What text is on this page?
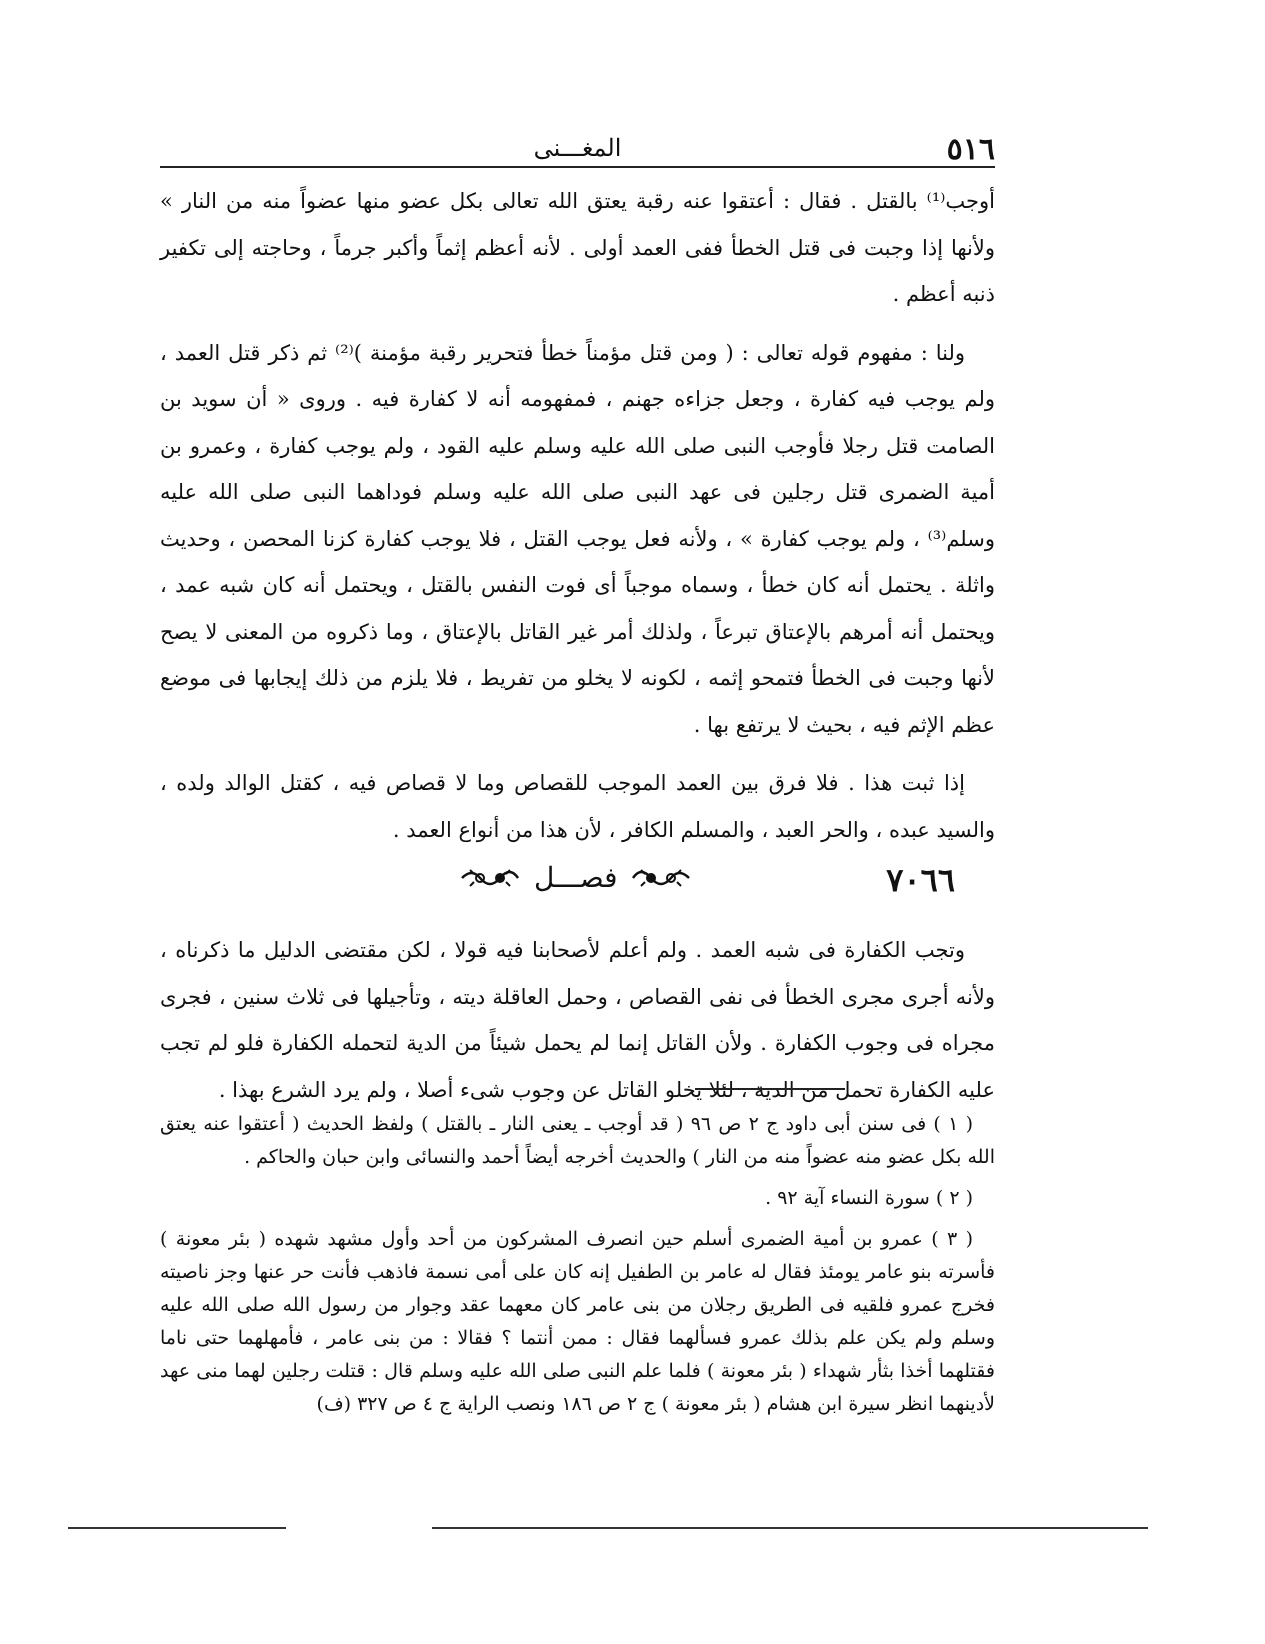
٥١٦
المغـــنى

أوجب⁽¹⁾ بالقتل . فقال : أعتقوا عنه رقبة يعتق الله تعالى بكل عضو منها عضواً منه من النار » ولأنها إذا وجبت فى قتل الخطأ ففى العمد أولى . لأنه أعظم إثماً وأكبر جرماً ، وحاجته إلى تكفير ذنبه أعظم .

ولنا : مفهوم قوله تعالى : ( ومن قتل مؤمناً خطأ فتحرير رقبة مؤمنة )⁽²⁾ ثم ذكر قتل العمد ، ولم يوجب فيه كفارة ، وجعل جزاءه جهنم ، فمفهومه أنه لا كفارة فيه . وروى « أن سويد بن الصامت قتل رجلا فأوجب النبى صلى الله عليه وسلم عليه القود ، ولم يوجب كفارة ، وعمرو بن أمية الضمرى قتل رجلين فى عهد النبى صلى الله عليه وسلم فوداهما النبى صلى الله عليه وسلم⁽³⁾ ، ولم يوجب كفارة » ، ولأنه فعل يوجب القتل ، فلا يوجب كفارة كزنا المحصن ، وحديث واثلة . يحتمل أنه كان خطأ ، وسماه موجباً أى فوت النفس بالقتل ، ويحتمل أنه كان شبه عمد ، ويحتمل أنه أمرهم بالإعتاق تبرعاً ، ولذلك أمر غير القاتل بالإعتاق ، وما ذكروه من المعنى لا يصح لأنها وجبت فى الخطأ فتمحو إثمه ، لكونه لا يخلو من تفريط ، فلا يلزم من ذلك إيجابها فى موضع عظم الإثم فيه ، بحيث لا يرتفع بها .

إذا ثبت هذا . فلا فرق بين العمد الموجب للقصاص وما لا قصاص فيه ، كقتل الوالد ولده ، والسيد عبده ، والحر العبد ، والمسلم الكافر ، لأن هذا من أنواع العمد .

٧٠٦٦
فصـــل

وتجب الكفارة فى شبه العمد . ولم أعلم لأصحابنا فيه قولا ، لكن مقتضى الدليل ما ذكرناه ، ولأنه أجرى مجرى الخطأ فى نفى القصاص ، وحمل العاقلة ديته ، وتأجيلها فى ثلاث سنين ، فجرى مجراه فى وجوب الكفارة . ولأن القاتل إنما لم يحمل شيئاً من الدية لتحمله الكفارة فلو لم تجب عليه الكفارة تحمل من الدية ، لئلا يخلو القاتل عن وجوب شىء أصلا ، ولم يرد الشرع بهذا .

( ١ ) فى سنن أبى داود ج ٢ ص ٩٦ ( قد أوجب ـ يعنى النار ـ بالقتل ) ولفظ الحديث ( أعتقوا عنه يعتق الله بكل عضو منه عضواً منه من النار ) والحديث أخرجه أيضاً أحمد والنسائى وابن حبان والحاكم .

( ٢ ) سورة النساء آية ٩٢ .

( ٣ ) عمرو بن أمية الضمرى أسلم حين انصرف المشركون من أحد وأول مشهد شهده ( بئر معونة ) فأسرته بنو عامر يومئذ فقال له عامر بن الطفيل إنه كان على أمى نسمة فاذهب فأنت حر عنها وجز ناصيته فخرج عمرو فلقيه فى الطريق رجلان من بنى عامر كان معهما عقد وجوار من رسول الله صلى الله عليه وسلم ولم يكن علم بذلك عمرو فسألهما فقال : ممن أنتما ؟ فقالا : من بنى عامر ، فأمهلهما حتى ناما فقتلهما أخذا بثأر شهداء ( بئر معونة ) فلما علم النبى صلى الله عليه وسلم قال : قتلت رجلين لهما منى عهد لأدينهما انظر سيرة ابن هشام ( بئر معونة ) ج ٢ ص ١٨٦ ونصب الراية ج ٤ ص ٣٢٧ (ف)
